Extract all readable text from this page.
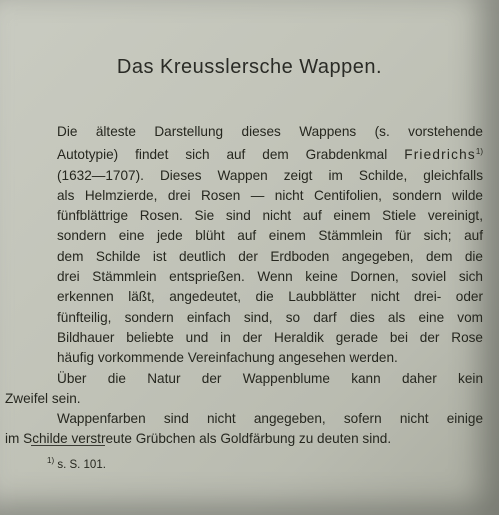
Das Kreusslersche Wappen.

Die älteste Darstellung dieses Wappens (s. vorstehende
Autotypie) findet sich auf dem Grabdenkmal Friedrichs$^{1)}$
(1632—1707). Dieses Wappen zeigt im Schilde, gleichfalls
als Helmzierde, drei Rosen — nicht Centifolien, sondern wilde
fünfblättrige Rosen. Sie sind nicht auf einem Stiele vereinigt,
sondern eine jede blüht auf einem Stämmlein für sich; auf
dem Schilde ist deutlich der Erdboden angegeben, dem die
drei Stämmlein entsprießen. Wenn keine Dornen, soviel sich
erkennen läßt, angedeutet, die Laubblätter nicht drei- oder
fünfteilig, sondern einfach sind, so darf dies als eine vom
Bildhauer beliebte und in der Heraldik gerade bei der Rose
häufig vorkommende Vereinfachung angesehen werden.

Über die Natur der Wappenblume kann daher kein
Zweifel sein.

Wappenfarben sind nicht angegeben, sofern nicht einige
im Schilde verstreute Grübchen als Goldfärbung zu deuten sind.

$^{1)}$ s. S. 101.
